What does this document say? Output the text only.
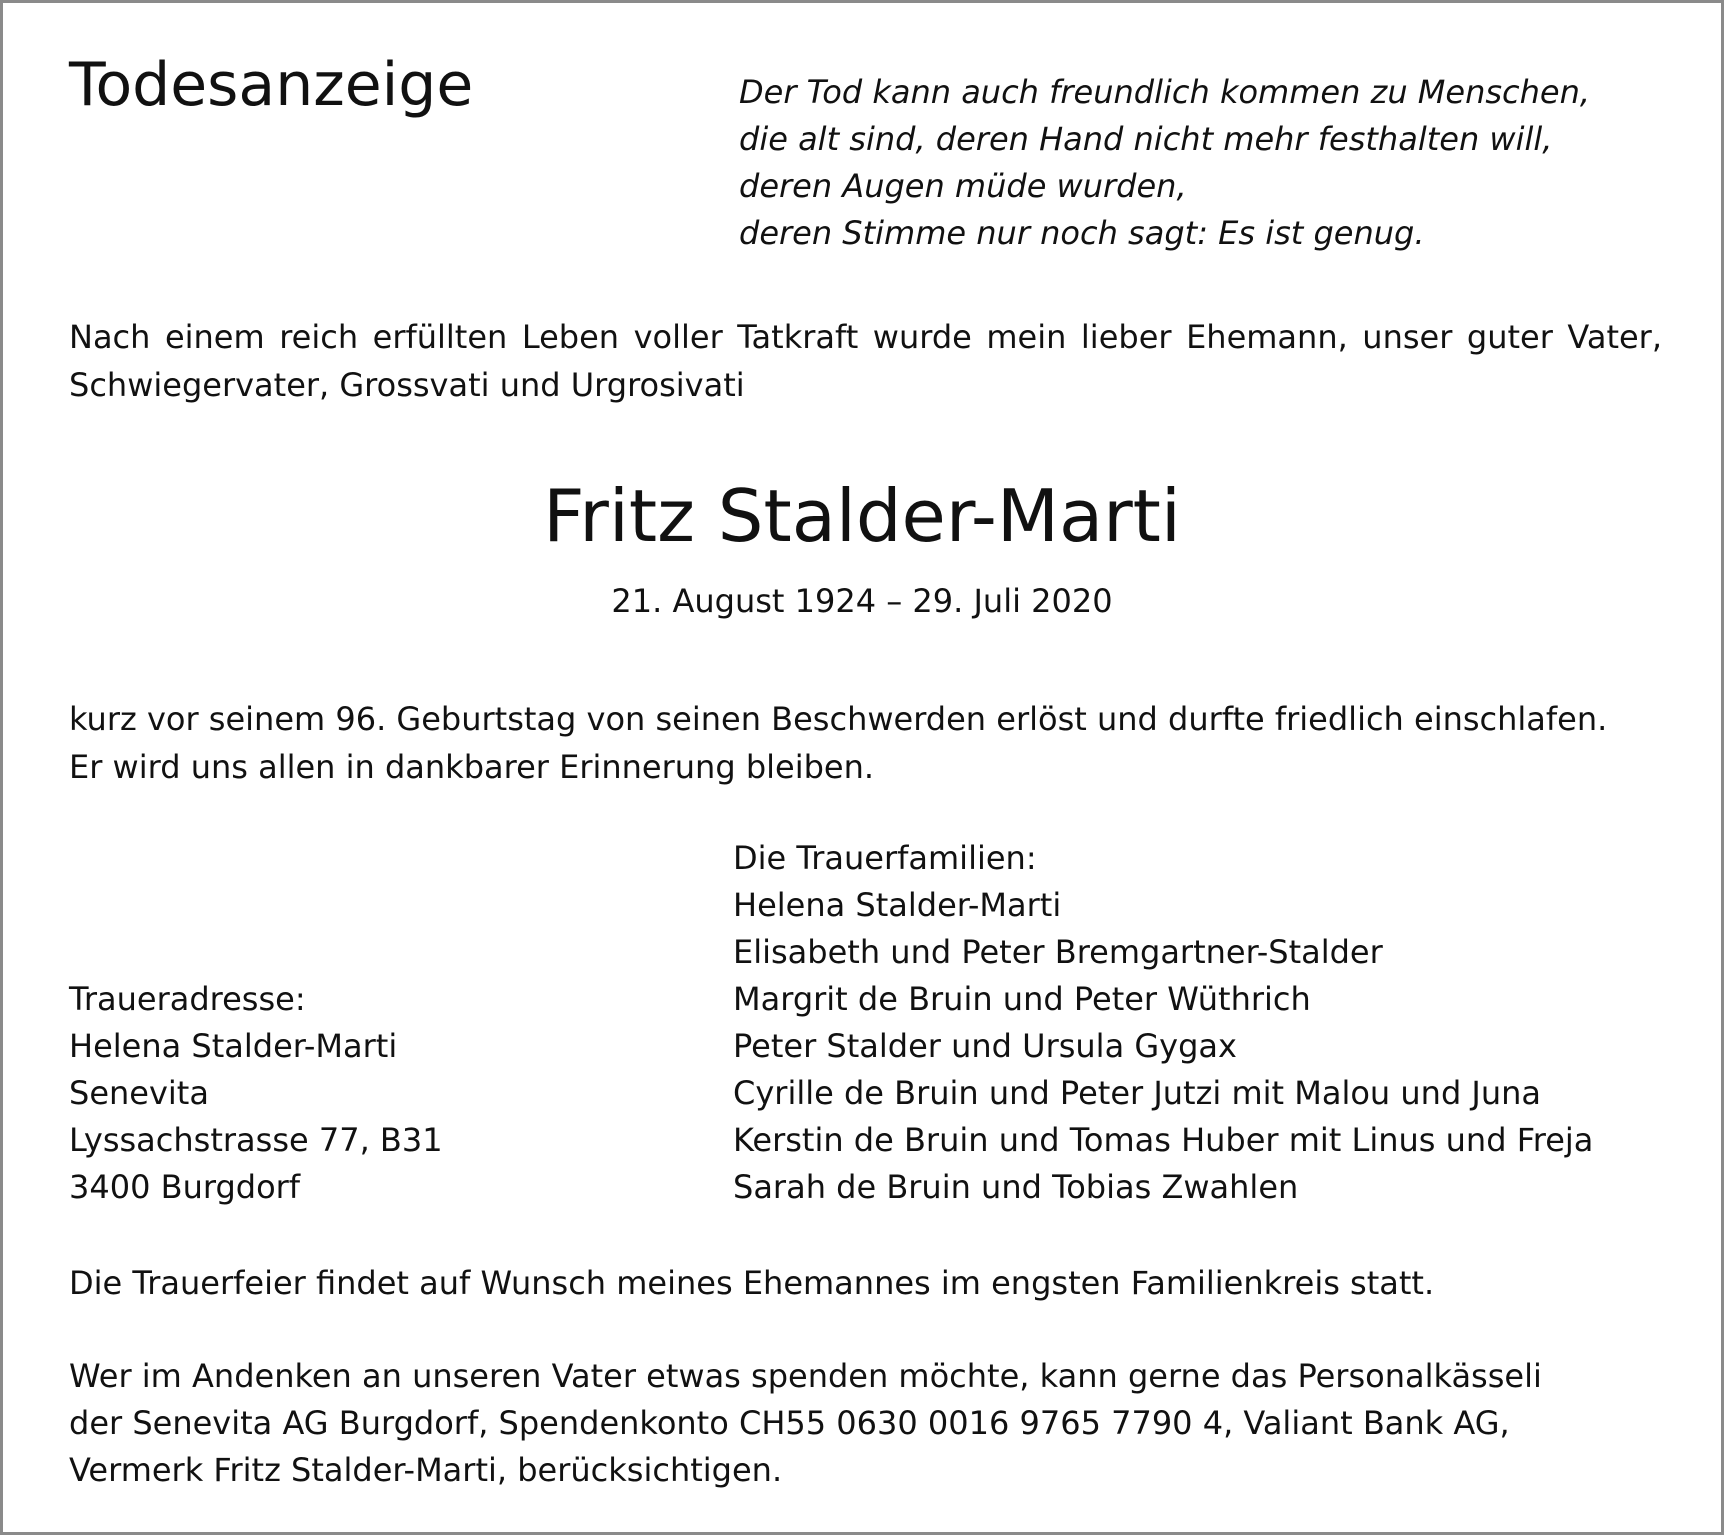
Todesanzeige	Der Tod kann auch freundlich kommen zu Menschen,
die alt sind, deren Hand nicht mehr festhalten will,
deren Augen müde wurden,
deren Stimme nur noch sagt: Es ist genug.
Nach einem reich erfüllten Leben voller Tatkraft wurde mein lieber Ehemann, unser guter Vater, Schwiegervater, Grossvati und Urgrosivati
Fritz Stalder-Marti
21. August 1924 – 29. Juli 2020
kurz vor seinem 96. Geburtstag von seinen Beschwerden erlöst und durfte friedlich einschlafen.
Er wird uns allen in dankbarer Erinnerung bleiben.
Die Trauerfamilien:
Helena Stalder-Marti
Elisabeth und Peter Bremgartner-Stalder
Margrit de Bruin und Peter Wüthrich
Peter Stalder und Ursula Gygax
Cyrille de Bruin und Peter Jutzi mit Malou und Juna
Kerstin de Bruin und Tomas Huber mit Linus und Freja
Sarah de Bruin und Tobias Zwahlen
Traueradresse:
Helena Stalder-Marti
Senevita
Lyssachstrasse 77, B31
3400 Burgdorf
Die Trauerfeier findet auf Wunsch meines Ehemannes im engsten Familienkreis statt.
Wer im Andenken an unseren Vater etwas spenden möchte, kann gerne das Personalkässeli
der Senevita AG Burgdorf, Spendenkonto CH55 0630 0016 9765 7790 4, Valiant Bank AG,
Vermerk Fritz Stalder-Marti, berücksichtigen.
